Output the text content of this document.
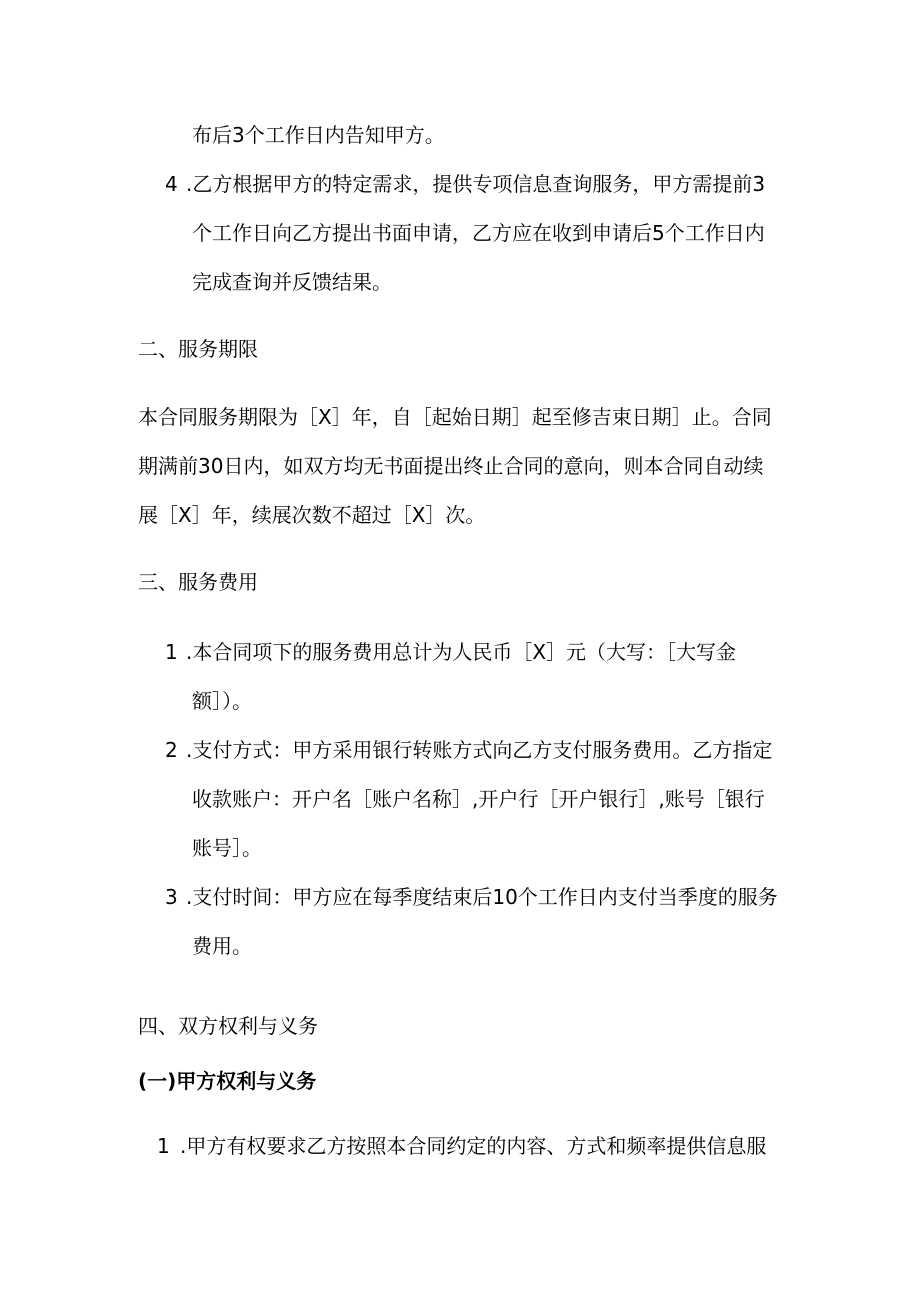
布后3个工作日内告知甲方。
4 .乙方根据甲方的特定需求，提供专项信息查询服务，甲方需提前3
个工作日向乙方提出书面申请，乙方应在收到申请后5个工作日内
完成查询并反馈结果。
二、服务期限
本合同服务期限为［X］年，自［起始日期］起至修吉束日期］止。合同
期满前30日内，如双方均无书面提出终止合同的意向，则本合同自动续
展［X］年，续展次数不超过［X］次。
三、服务费用
1 .本合同项下的服务费用总计为人民币［X］元（大写：［大写金
额］）。
2 .支付方式：甲方采用银行转账方式向乙方支付服务费用。乙方指定
收款账户：开户名［账户名称］,开户行［开户银行］,账号［银行
账号］。
3 .支付时间：甲方应在每季度结束后10个工作日内支付当季度的服务
费用。
四、双方权利与义务
(一)甲方权利与义务
1 .甲方有权要求乙方按照本合同约定的内容、方式和频率提供信息服
